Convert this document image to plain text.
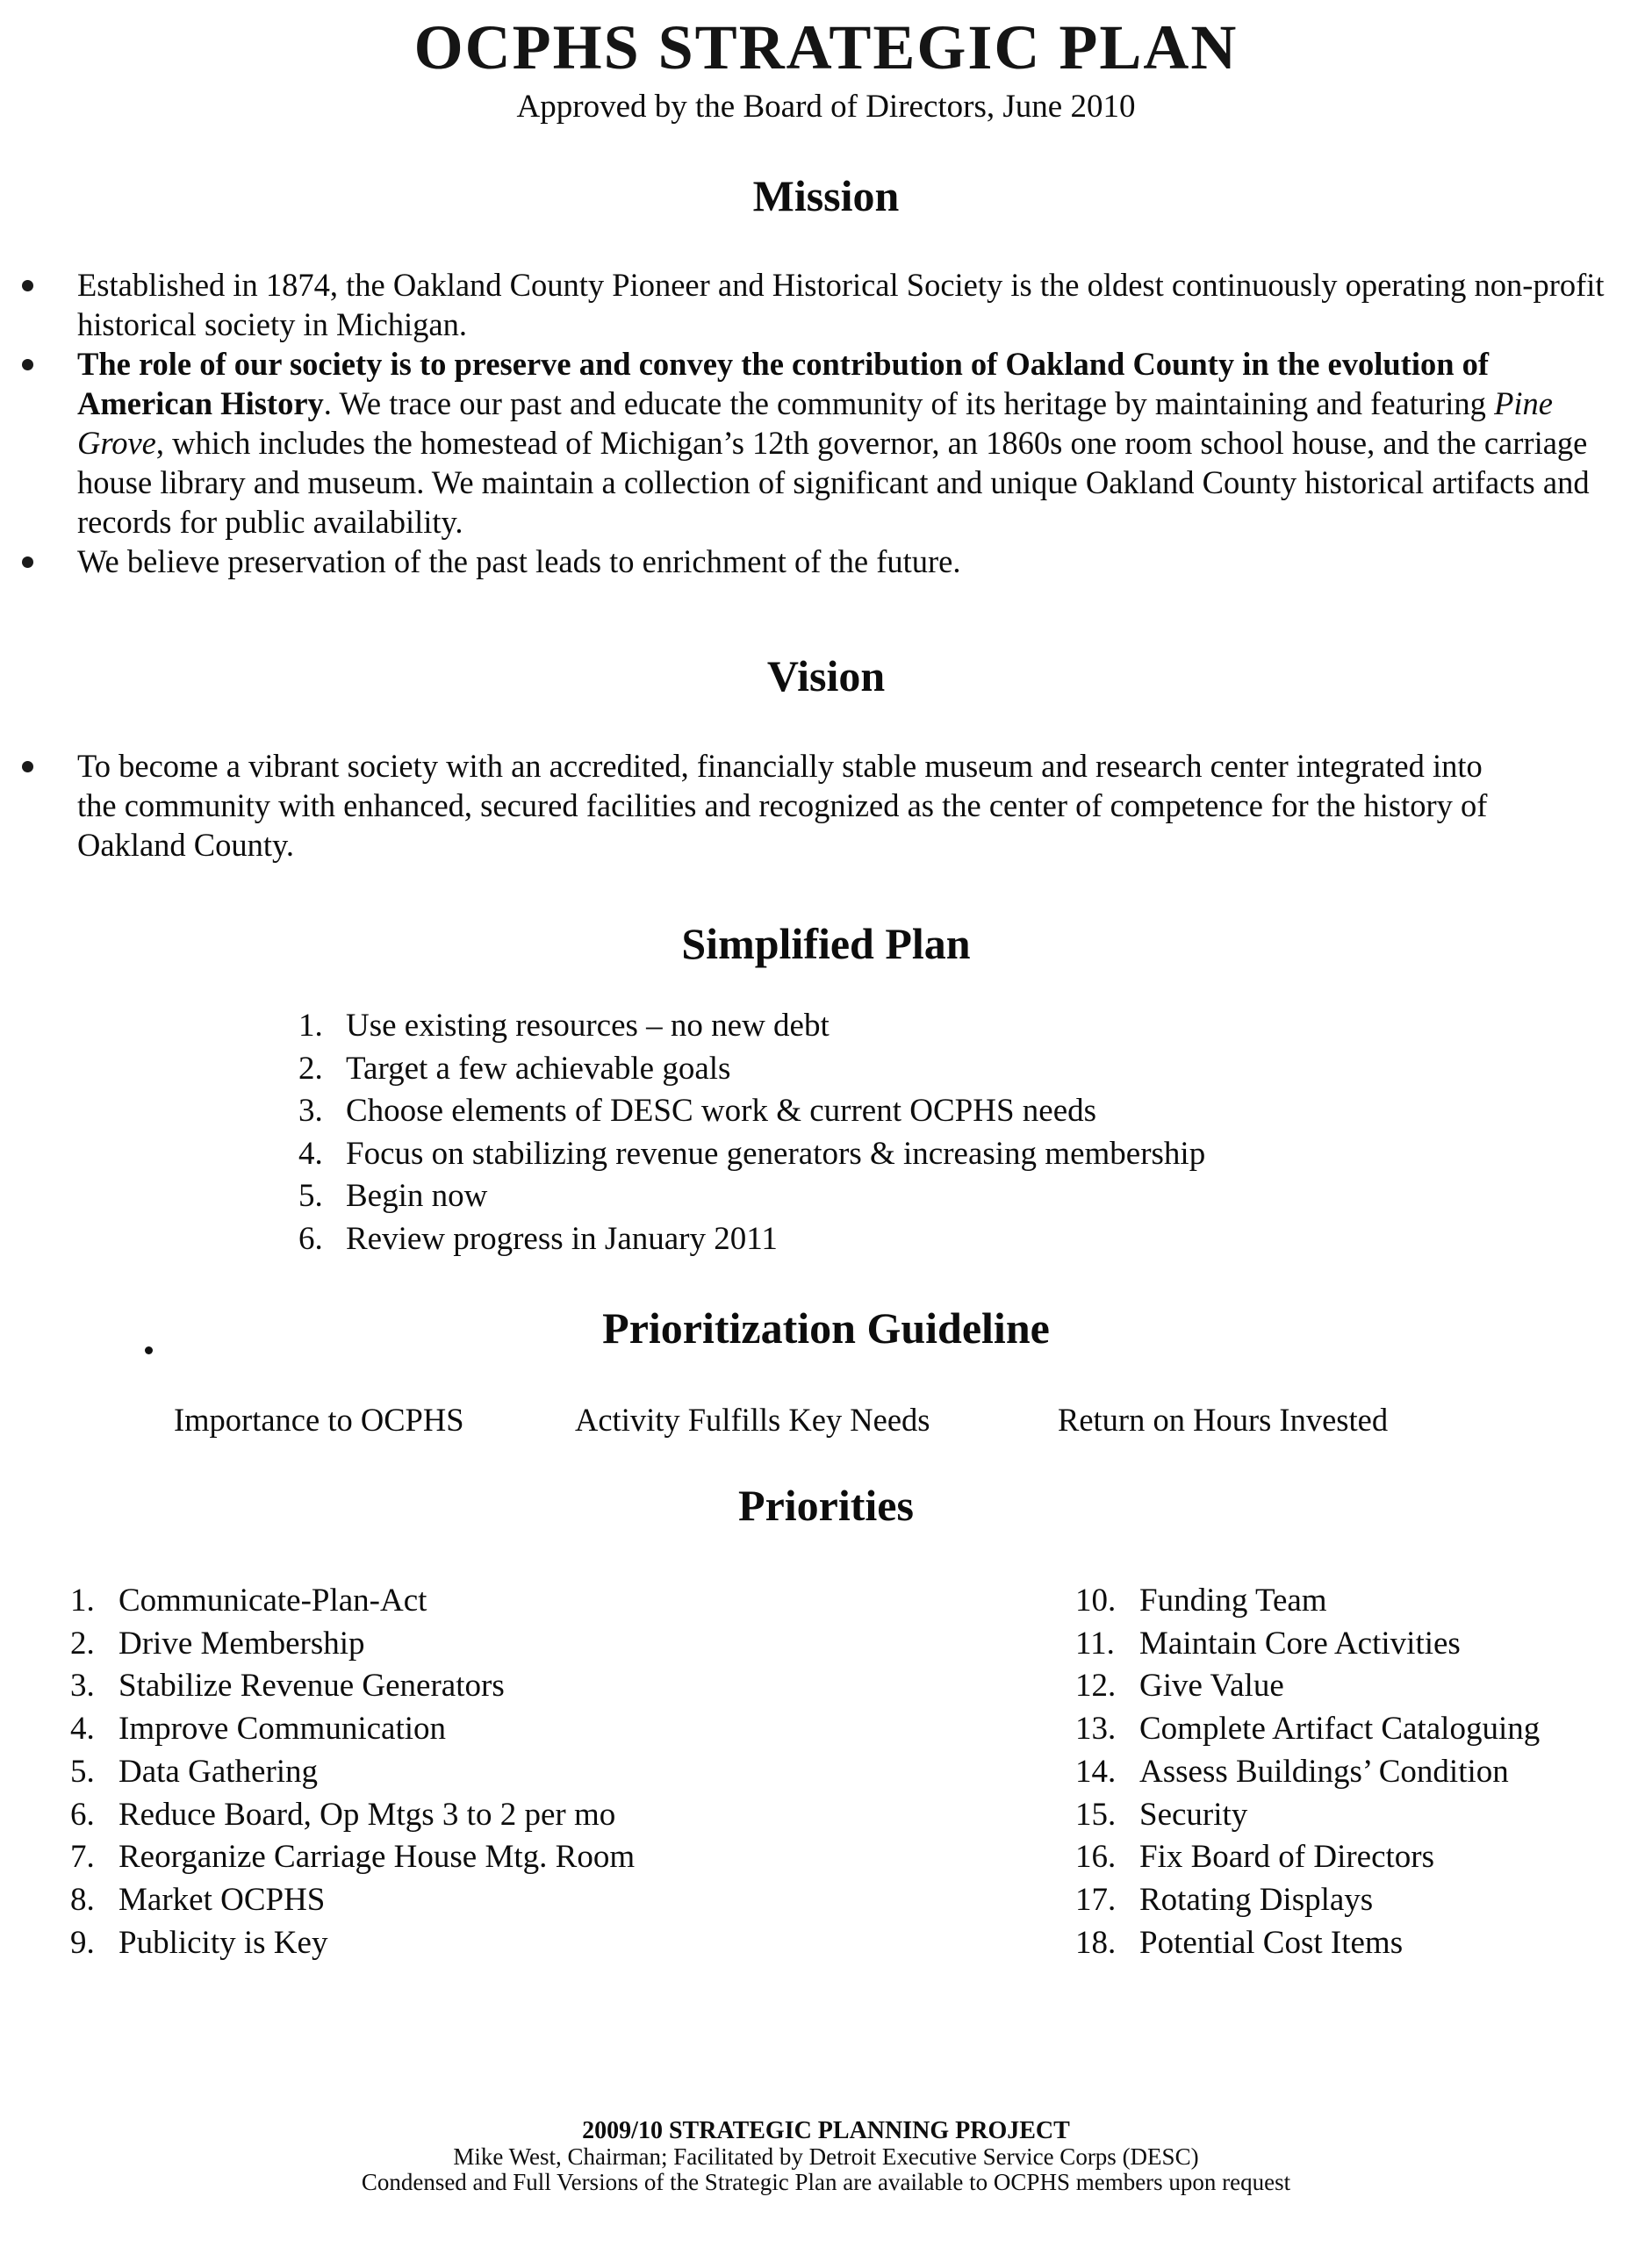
OCPHS STRATEGIC PLAN
Approved by the Board of Directors, June 2010
Mission
Established in 1874, the Oakland County Pioneer and Historical Society is the oldest continuously operating non-profit historical society in Michigan.
The role of our society is to preserve and convey the contribution of Oakland County in the evolution of American History. We trace our past and educate the community of its heritage by maintaining and featuring Pine Grove, which includes the homestead of Michigan’s 12th governor, an 1860s one room school house, and the carriage house library and museum. We maintain a collection of significant and unique Oakland County historical artifacts and records for public availability.
We believe preservation of the past leads to enrichment of the future.
Vision
To become a vibrant society with an accredited, financially stable museum and research center integrated into the community with enhanced, secured facilities and recognized as the center of competence for the history of Oakland County.
Simplified Plan
1. Use existing resources – no new debt
2. Target a few achievable goals
3. Choose elements of DESC work & current OCPHS needs
4. Focus on stabilizing revenue generators & increasing membership
5. Begin now
6. Review progress in January 2011
Prioritization Guideline
Importance to OCPHS	Activity Fulfills Key Needs	Return on Hours Invested
Priorities
1. Communicate-Plan-Act
2. Drive Membership
3. Stabilize Revenue Generators
4. Improve Communication
5. Data Gathering
6. Reduce Board, Op Mtgs 3 to 2 per mo
7. Reorganize Carriage House Mtg. Room
8. Market OCPHS
9. Publicity is Key
10. Funding Team
11. Maintain Core Activities
12. Give Value
13. Complete Artifact Cataloguing
14. Assess Buildings’ Condition
15. Security
16. Fix Board of Directors
17. Rotating Displays
18. Potential Cost Items
2009/10 STRATEGIC PLANNING PROJECT
Mike West, Chairman; Facilitated by Detroit Executive Service Corps (DESC)
Condensed and Full Versions of the Strategic Plan are available to OCPHS members upon request
